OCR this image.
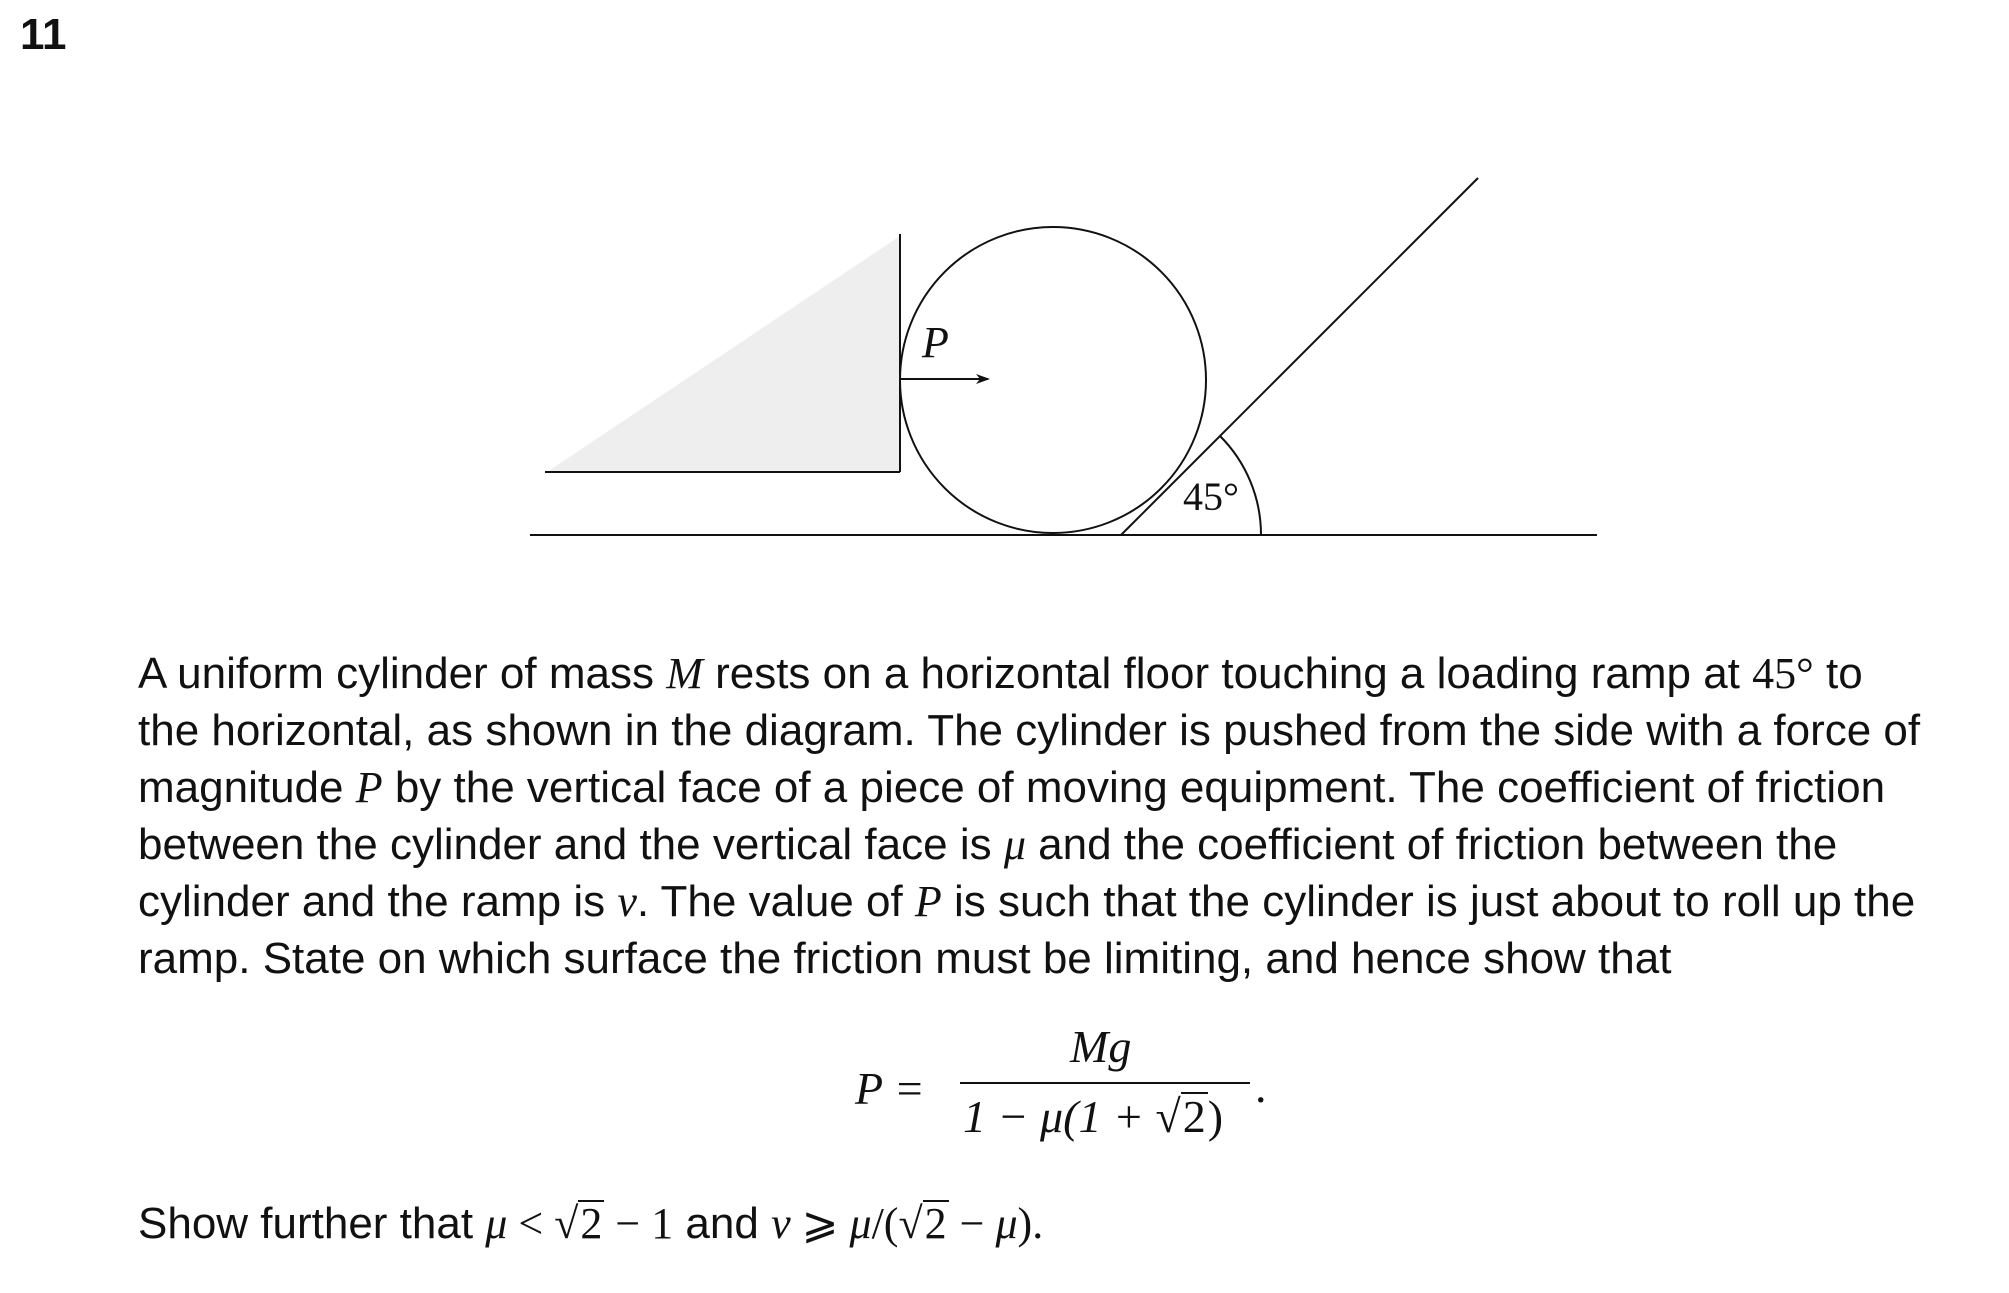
11
P
45°
A uniform cylinder of mass M rests on a horizontal floor touching a loading ramp at 45° to
the horizontal, as shown in the diagram. The cylinder is pushed from the side with a force of
magnitude P by the vertical face of a piece of moving equipment. The coefficient of friction
between the cylinder and the vertical face is μ and the coefficient of friction between the
cylinder and the ramp is v. The value of P is such that the cylinder is just about to roll up the
ramp. State on which surface the friction must be limiting, and hence show that
P =
Mg
1 − μ(1 + √2)
.
Show further that μ < √2 − 1 and v ⩾ μ/(√2 − μ).
